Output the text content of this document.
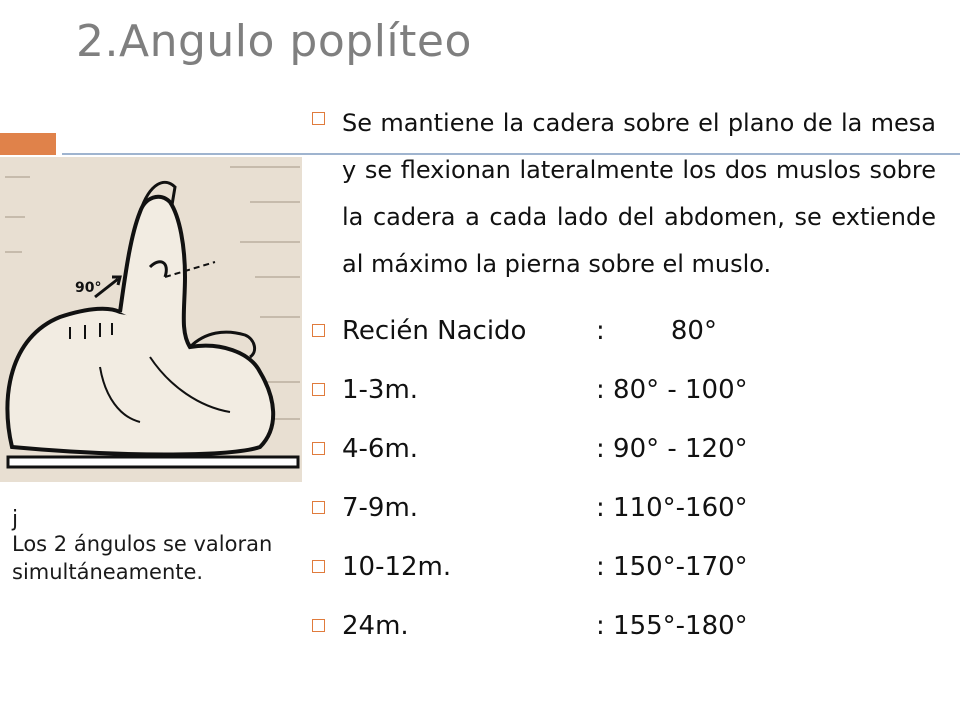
2.Angulo poplíteo
90°
j
Los 2 ángulos se valoran simultáneamente.
Se mantiene la cadera sobre el plano de la mesa y se flexionan lateralmente los dos muslos sobre la cadera a cada lado del abdomen, se extiende al máximo la pierna sobre el muslo.
Recién Nacido	:        80°
1-3m.	: 80° - 100°
4-6m.	: 90° - 120°
7-9m.	: 110°-160°
10-12m.	: 150°-170°
24m.	: 155°-180°
